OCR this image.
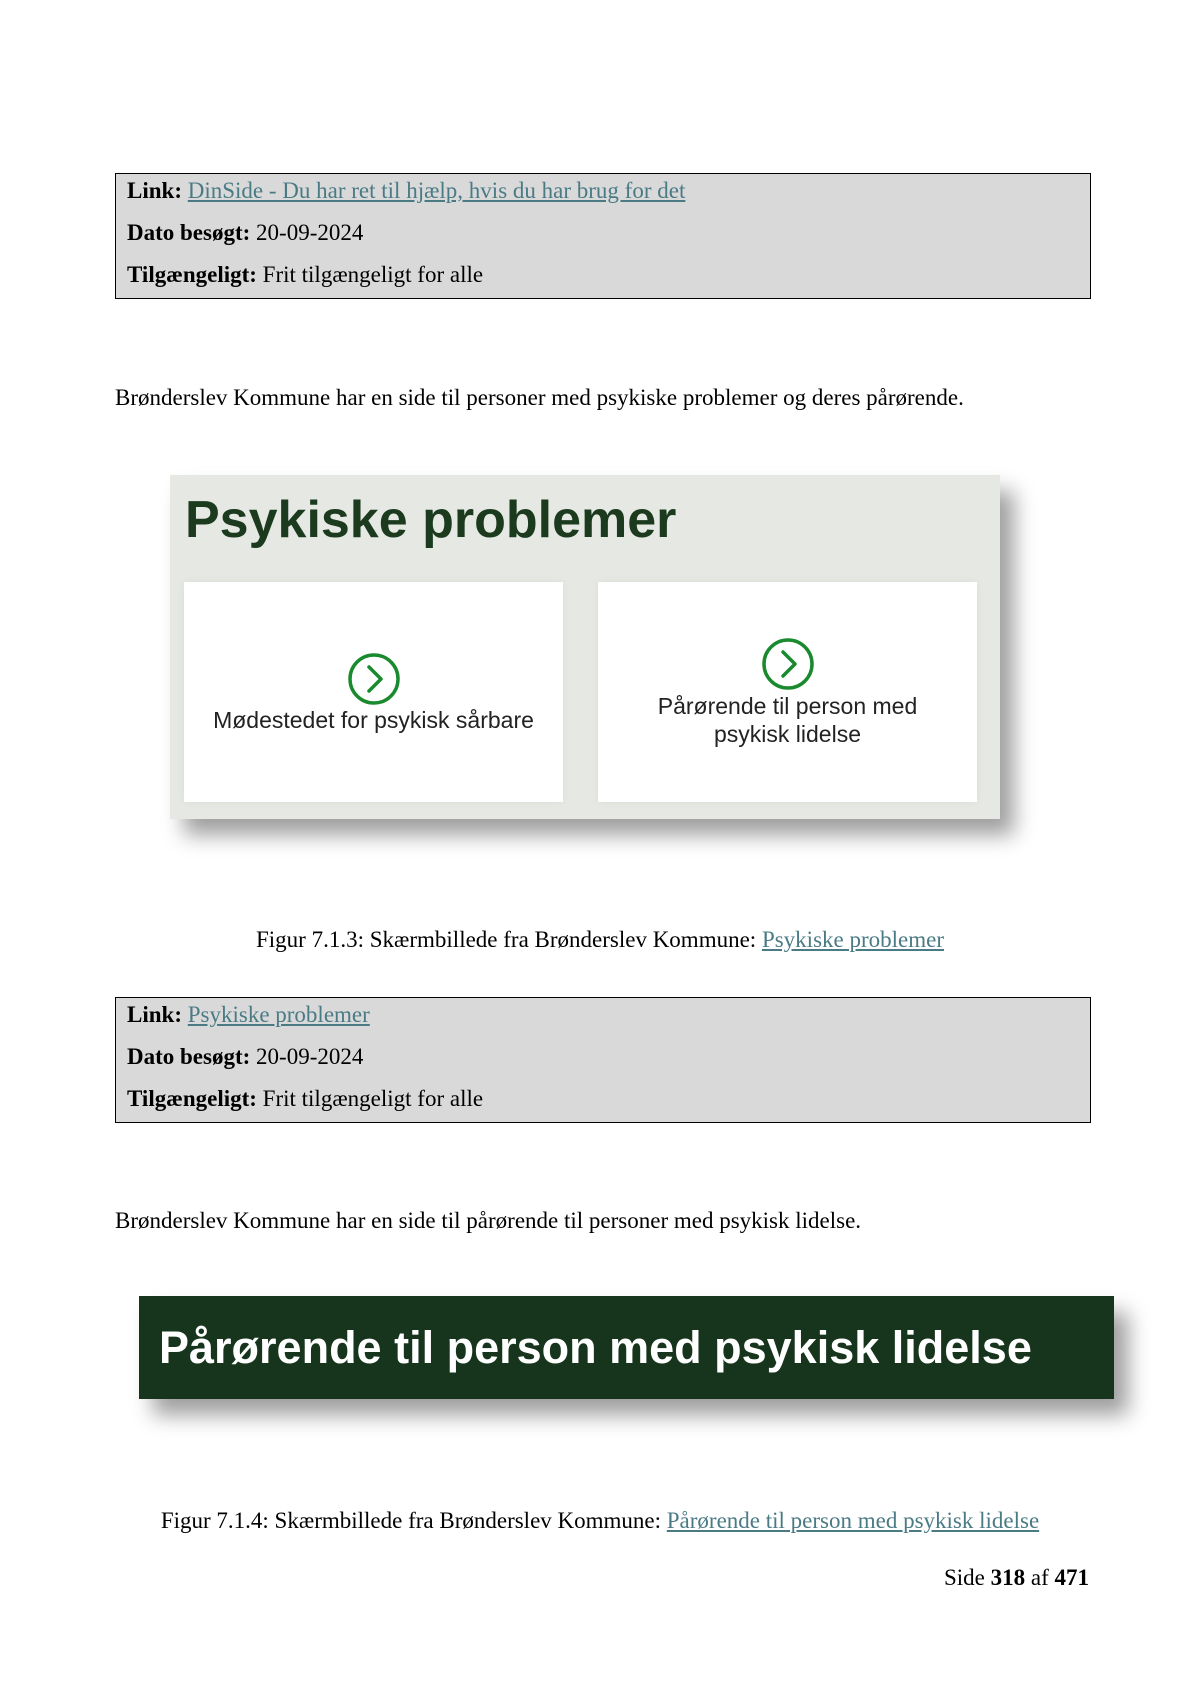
Link: DinSide - Du har ret til hjælp, hvis du har brug for det
Dato besøgt: 20-09-2024
Tilgængeligt: Frit tilgængeligt for alle
Brønderslev Kommune har en side til personer med psykiske problemer og deres pårørende.
Psykiske problemer
Mødestedet for psykisk sårbare
Pårørende til person med psykisk lidelse
Figur 7.1.3: Skærmbillede fra Brønderslev Kommune: Psykiske problemer
Link: Psykiske problemer
Dato besøgt: 20-09-2024
Tilgængeligt: Frit tilgængeligt for alle
Brønderslev Kommune har en side til pårørende til personer med psykisk lidelse.
Pårørende til person med psykisk lidelse
Figur 7.1.4: Skærmbillede fra Brønderslev Kommune: Pårørende til person med psykisk lidelse
Side 318 af 471
